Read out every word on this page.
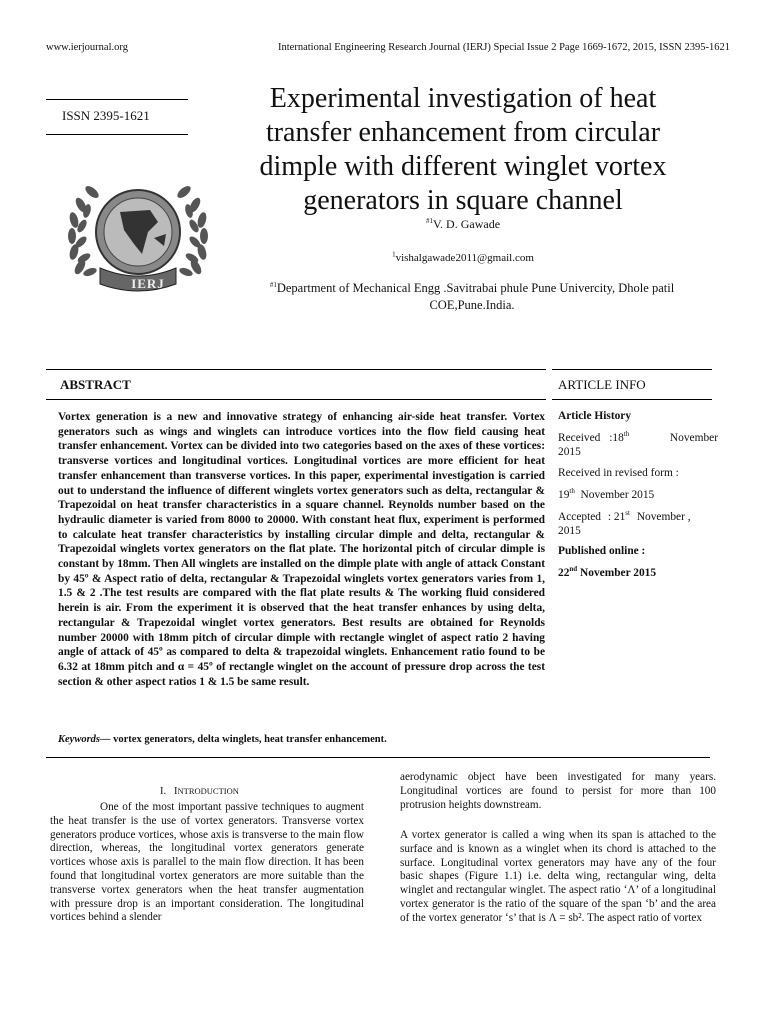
www.ierjournal.org	International Engineering Research Journal (IERJ) Special Issue 2 Page 1669-1672, 2015, ISSN 2395-1621
ISSN 2395-1621
IERJ
Experimental investigation of heat transfer enhancement from circular dimple with different winglet vortex generators in square channel
$^{\#1}$V. D. Gawade
$^1$vishalgawade2011@gmail.com
$^{\#1}$Department of Mechanical Engg .Savitrabai phule Pune Univercity, Dhole patil COE,Pune.India.
ABSTRACT
Vortex generation is a new and innovative strategy of enhancing air-side heat transfer. Vortex generators such as wings and winglets can introduce vortices into the flow field causing heat transfer enhancement. Vortex can be divided into two categories based on the axes of these vortices: transverse vortices and longitudinal vortices. Longitudinal vortices are more efficient for heat transfer enhancement than transverse vortices. In this paper, experimental investigation is carried out to understand the influence of different winglets vortex generators such as delta, rectangular & Trapezoidal on heat transfer characteristics in a square channel. Reynolds number based on the hydraulic diameter is varied from 8000 to 20000. With constant heat flux, experiment is performed to calculate heat transfer characteristics by installing circular dimple and delta, rectangular & Trapezoidal winglets vortex generators on the flat plate. The horizontal pitch of circular dimple is constant by 18mm. Then All winglets are installed on the dimple plate with angle of attack Constant by 45º & Aspect ratio of delta, rectangular & Trapezoidal winglets vortex generators varies from 1, 1.5 & 2 .The test results are compared with the flat plate results & The working fluid considered herein is air. From the experiment it is observed that the heat transfer enhances by using delta, rectangular & Trapezoidal winglet vortex generators. Best results are obtained for Reynolds number 20000 with 18mm pitch of circular dimple with rectangle winglet of aspect ratio 2 having angle of attack of 45º as compared to delta & trapezoidal winglets. Enhancement ratio found to be 6.32 at 18mm pitch and α = 45º of rectangle winglet on the account of pressure drop across the test section & other aspect ratios 1 & 1.5 be same result.
Keywords— vortex generators, delta winglets, heat transfer enhancement.
ARTICLE INFO
Article History
Received :18th	November
2015
Received in revised form :
19th November 2015
Accepted : 21st November ,
2015
Published online :
22nd November 2015
I. INTRODUCTION
One of the most important passive techniques to augment the heat transfer is the use of vortex generators. Transverse vortex generators produce vortices, whose axis is transverse to the main flow direction, whereas, the longitudinal vortex generators generate vortices whose axis is parallel to the main flow direction. It has been found that longitudinal vortex generators are more suitable than the transverse vortex generators when the heat transfer augmentation with pressure drop is an important consideration. The longitudinal vortices behind a slender
aerodynamic object have been investigated for many years. Longitudinal vortices are found to persist for more than 100 protrusion heights downstream.
A vortex generator is called a wing when its span is attached to the surface and is known as a winglet when its chord is attached to the surface. Longitudinal vortex generators may have any of the four basic shapes (Figure 1.1) i.e. delta wing, rectangular wing, delta winglet and rectangular winglet. The aspect ratio ‘Λ’ of a longitudinal vortex generator is the ratio of the square of the span ‘b’ and the area of the vortex generator ‘s’ that is Λ = sb². The aspect ratio of vortex
